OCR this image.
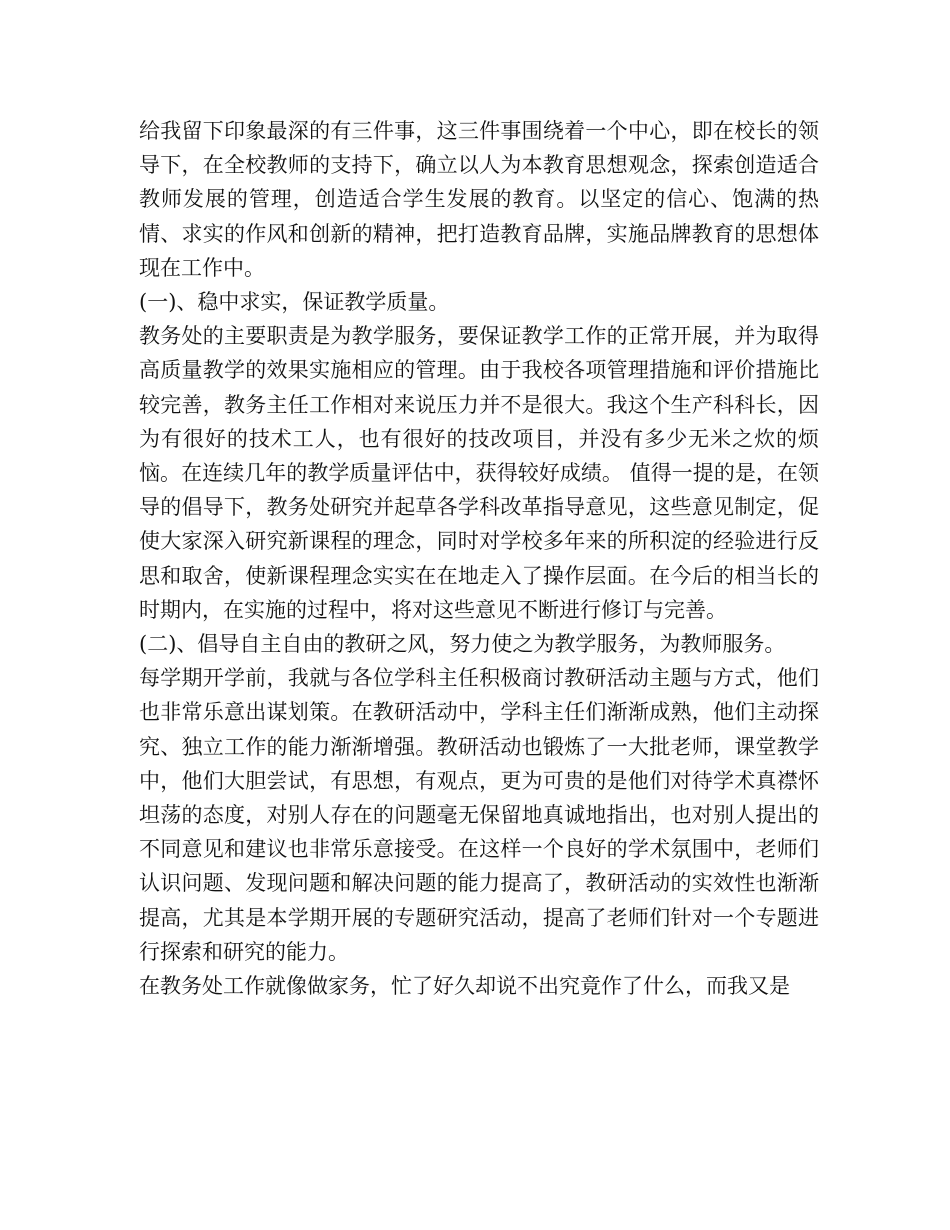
给我留下印象最深的有三件事，这三件事围绕着一个中心，即在校长的领导下，在全校教师的支持下，确立以人为本教育思想观念，探索创造适合教师发展的管理，创造适合学生发展的教育。以坚定的信心、饱满的热情、求实的作风和创新的精神，把打造教育品牌，实施品牌教育的思想体现在工作中。

(一)、稳中求实，保证教学质量。

教务处的主要职责是为教学服务，要保证教学工作的正常开展，并为取得高质量教学的效果实施相应的管理。由于我校各项管理措施和评价措施比较完善，教务主任工作相对来说压力并不是很大。我这个生产科科长，因为有很好的技术工人，也有很好的技改项目，并没有多少无米之炊的烦恼。在连续几年的教学质量评估中，获得较好成绩。 值得一提的是，在领导的倡导下，教务处研究并起草各学科改革指导意见，这些意见制定，促使大家深入研究新课程的理念，同时对学校多年来的所积淀的经验进行反思和取舍，使新课程理念实实在在地走入了操作层面。在今后的相当长的时期内，在实施的过程中，将对这些意见不断进行修订与完善。

(二)、倡导自主自由的教研之风，努力使之为教学服务，为教师服务。

每学期开学前，我就与各位学科主任积极商讨教研活动主题与方式，他们也非常乐意出谋划策。在教研活动中，学科主任们渐渐成熟，他们主动探究、独立工作的能力渐渐增强。教研活动也锻炼了一大批老师，课堂教学中，他们大胆尝试，有思想，有观点，更为可贵的是他们对待学术真襟怀坦荡的态度，对别人存在的问题毫无保留地真诚地指出，也对别人提出的不同意见和建议也非常乐意接受。在这样一个良好的学术氛围中，老师们认识问题、发现问题和解决问题的能力提高了，教研活动的实效性也渐渐提高，尤其是本学期开展的专题研究活动，提高了老师们针对一个专题进行探索和研究的能力。

在教务处工作就像做家务，忙了好久却说不出究竟作了什么，而我又是
